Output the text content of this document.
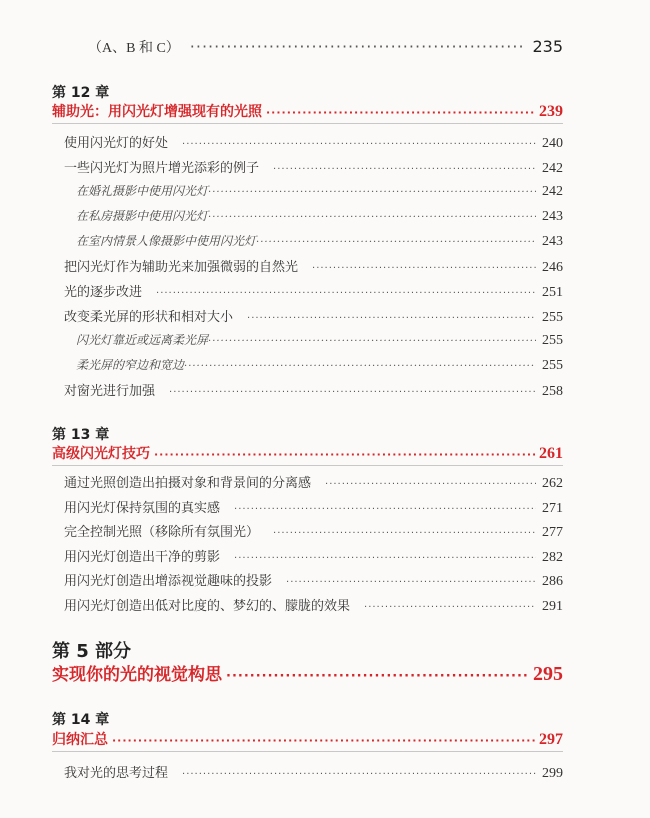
（A、B 和 C） ·····	235
第 12 章
辅助光：用闪光灯增强现有的光照 ·····	239
使用闪光灯的好处 ·····	240
一些闪光灯为照片增光添彩的例子 ·····	242
在婚礼摄影中使用闪光灯 ·····	242
在私房摄影中使用闪光灯 ·····	243
在室内情景人像摄影中使用闪光灯 ·····	243
把闪光灯作为辅助光来加强微弱的自然光 ·····	246
光的逐步改进 ·····	251
改变柔光屏的形状和相对大小 ·····	255
闪光灯靠近或远离柔光屏 ·····	255
柔光屏的窄边和宽边 ·····	255
对窗光进行加强 ·····	258
第 13 章
高级闪光灯技巧 ·····	261
通过光照创造出拍摄对象和背景间的分离感 ·····	262
用闪光灯保持氛围的真实感 ·····	271
完全控制光照（移除所有氛围光） ·····	277
用闪光灯创造出干净的剪影 ·····	282
用闪光灯创造出增添视觉趣味的投影 ·····	286
用闪光灯创造出低对比度的、梦幻的、朦胧的效果 ·····	291
第 5 部分
实现你的光的视觉构思 ·····	295
第 14 章
归纳汇总 ·····	297
我对光的思考过程 ·····	299
